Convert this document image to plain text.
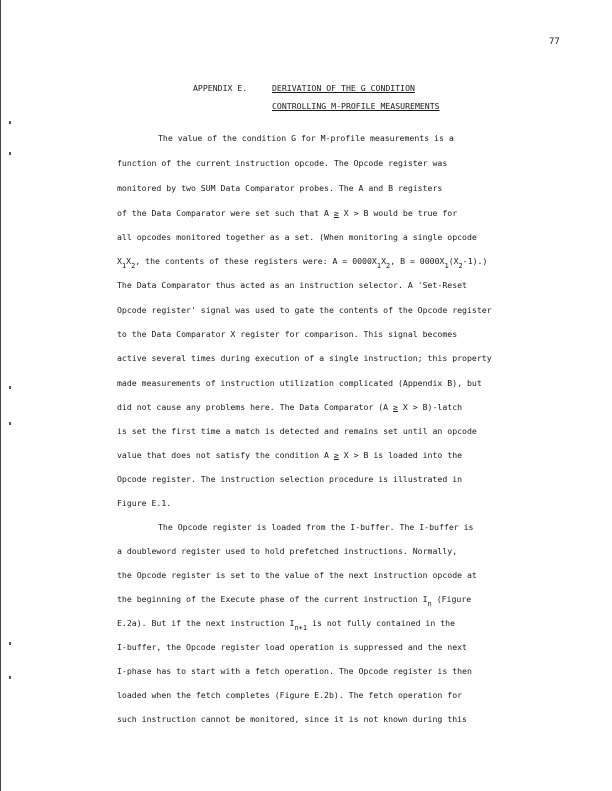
77
APPENDIX E.	DERIVATION OF THE G CONDITION
CONTROLLING M-PROFILE MEASUREMENTS
The value of the condition G for M-profile measurements is a
function of the current instruction opcode. The Opcode register was
monitored by two SUM Data Comparator probes. The A and B registers
of the Data Comparator were set such that A ≥ X > B would be true for
all opcodes monitored together as a set. (When monitoring a single opcode
$X_1X_2$, the contents of these registers were: $A = 0000X_1X_2$, $B = 0000X_1(X_2-1)$.)
The Data Comparator thus acted as an instruction selector. A 'Set-Reset
Opcode register' signal was used to gate the contents of the Opcode register
to the Data Comparator X register for comparison. This signal becomes
active several times during execution of a single instruction; this property
made measurements of instruction utilization complicated (Appendix B), but
did not cause any problems here. The Data Comparator (A ≥ X > B)-latch
is set the first time a match is detected and remains set until an opcode
value that does not satisfy the condition A ≥ X > B is loaded into the
Opcode register. The instruction selection procedure is illustrated in
Figure E.1.
The Opcode register is loaded from the I-buffer. The I-buffer is
a doubleword register used to hold prefetched instructions. Normally,
the Opcode register is set to the value of the next instruction opcode at
the beginning of the Execute phase of the current instruction $I_n$ (Figure
E.2a). But if the next instruction $I_{n+1}$ is not fully contained in the
I-buffer, the Opcode register load operation is suppressed and the next
I-phase has to start with a fetch operation. The Opcode register is then
loaded when the fetch completes (Figure E.2b). The fetch operation for
such instruction cannot be monitored, since it is not known during this
